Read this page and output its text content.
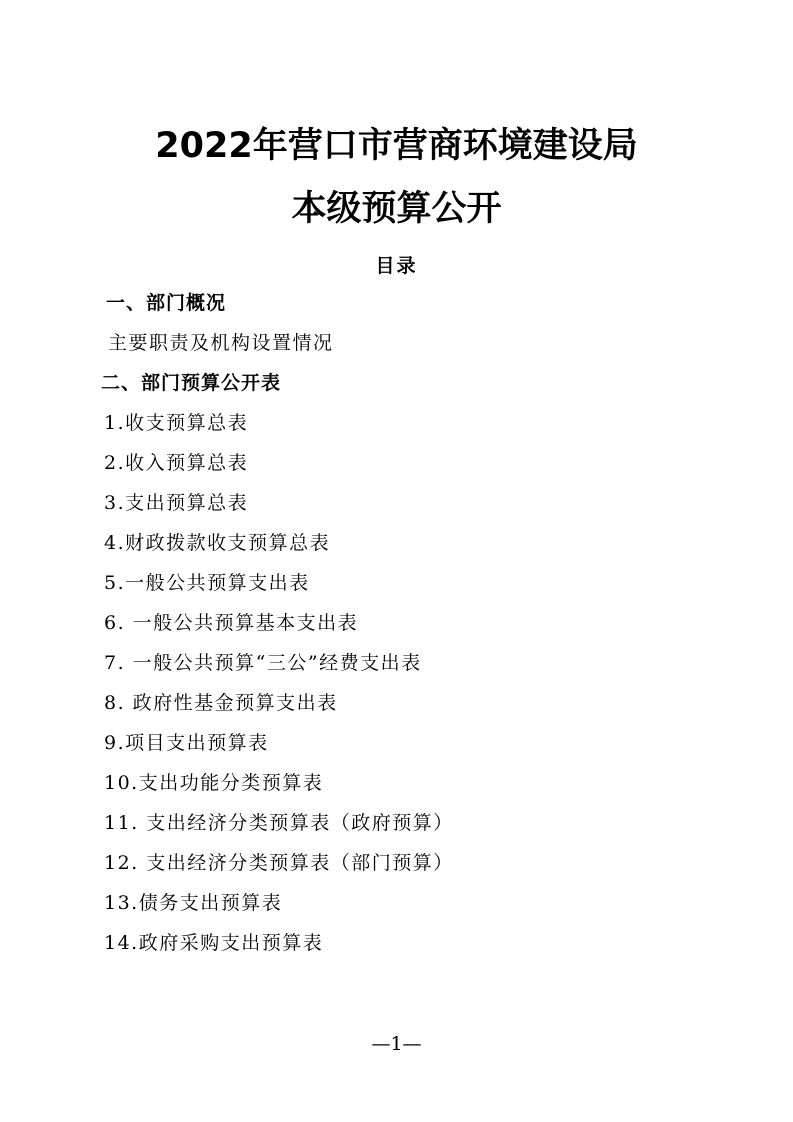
2022年营口市营商环境建设局
本级预算公开
目录
一、部门概况
主要职责及机构设置情况
二、部门预算公开表
1.收支预算总表
2.收入预算总表
3.支出预算总表
4.财政拨款收支预算总表
5.一般公共预算支出表
6. 一般公共预算基本支出表
7. 一般公共预算“三公”经费支出表
8. 政府性基金预算支出表
9.项目支出预算表
10.支出功能分类预算表
11. 支出经济分类预算表（政府预算）
12. 支出经济分类预算表（部门预算）
13.债务支出预算表
14.政府采购支出预算表
—1—
